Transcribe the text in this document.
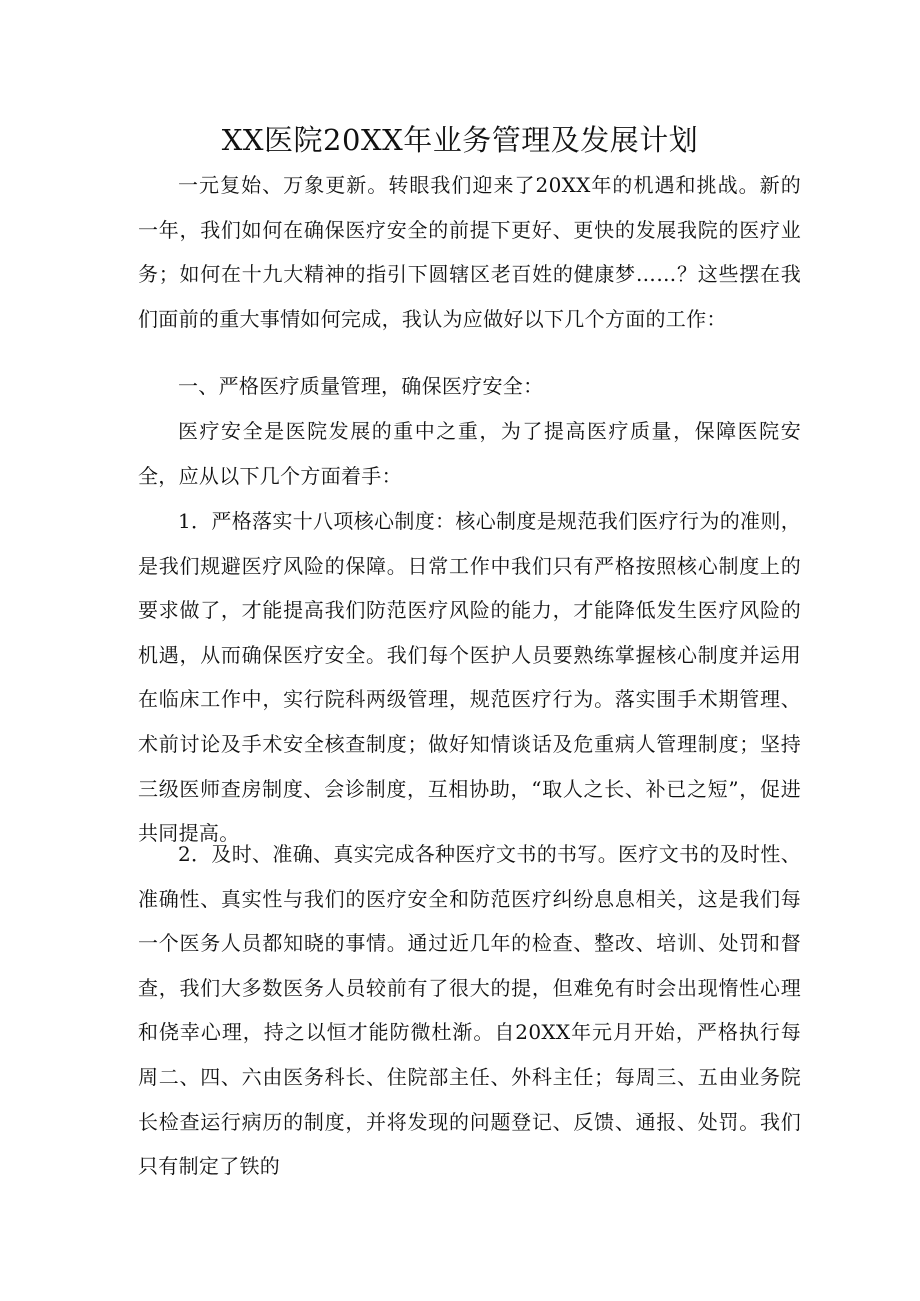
XX医院20XX年业务管理及发展计划

一元复始、万象更新。转眼我们迎来了20XX年的机遇和挑战。新的一年，我们如何在确保医疗安全的前提下更好、更快的发展我院的医疗业务；如何在十九大精神的指引下圆辖区老百姓的健康梦……？这些摆在我们面前的重大事情如何完成，我认为应做好以下几个方面的工作：

一、严格医疗质量管理，确保医疗安全：

医疗安全是医院发展的重中之重，为了提高医疗质量，保障医院安全，应从以下几个方面着手：

1．严格落实十八项核心制度：核心制度是规范我们医疗行为的准则，是我们规避医疗风险的保障。日常工作中我们只有严格按照核心制度上的要求做了，才能提高我们防范医疗风险的能力，才能降低发生医疗风险的机遇，从而确保医疗安全。我们每个医护人员要熟练掌握核心制度并运用在临床工作中，实行院科两级管理，规范医疗行为。落实围手术期管理、术前讨论及手术安全核查制度；做好知情谈话及危重病人管理制度；坚持三级医师查房制度、会诊制度，互相协助，“取人之长、补已之短”，促进共同提高。

2．及时、准确、真实完成各种医疗文书的书写。医疗文书的及时性、准确性、真实性与我们的医疗安全和防范医疗纠纷息息相关，这是我们每一个医务人员都知晓的事情。通过近几年的检查、整改、培训、处罚和督查，我们大多数医务人员较前有了很大的提，但难免有时会出现惰性心理和侥幸心理，持之以恒才能防微杜渐。自20XX年元月开始，严格执行每周二、四、六由医务科长、住院部主任、外科主任；每周三、五由业务院长检查运行病历的制度，并将发现的问题登记、反馈、通报、处罚。我们只有制定了铁的
